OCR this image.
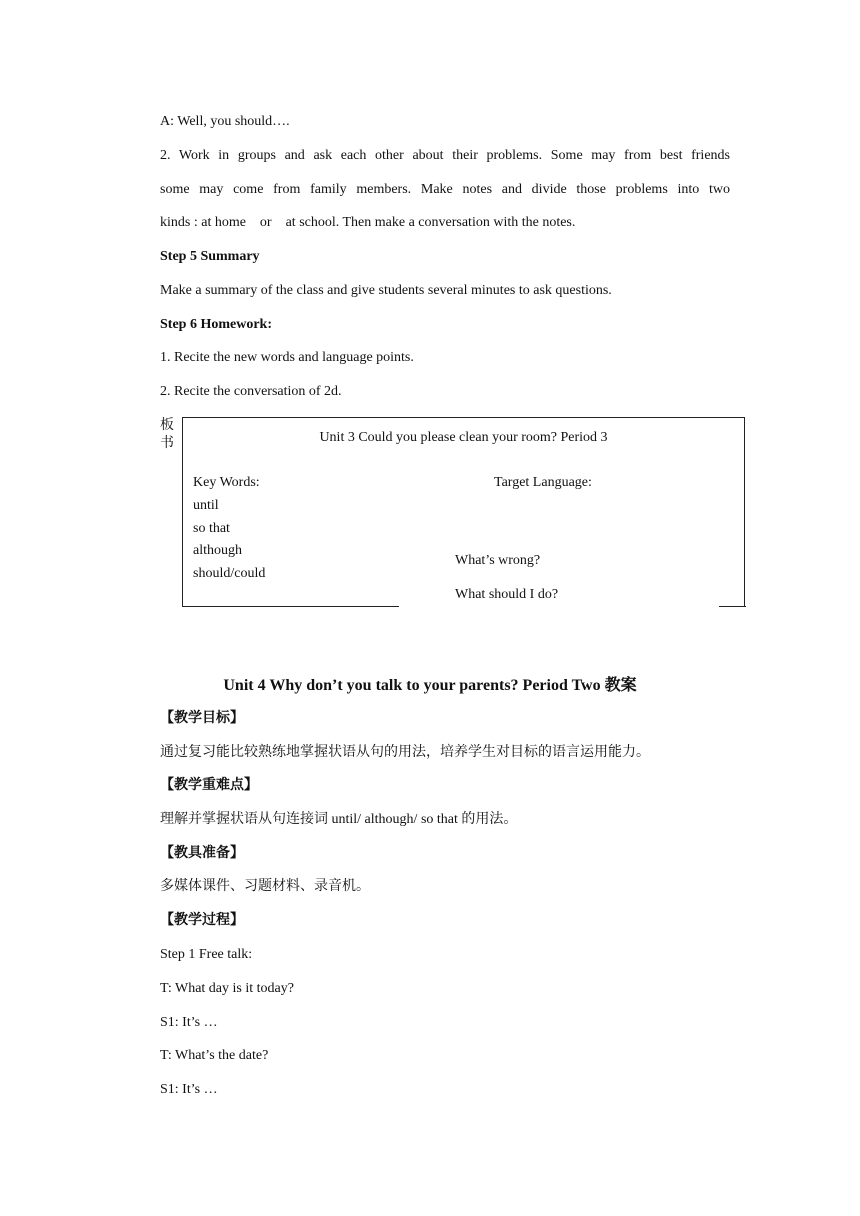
A: Well, you should….
2. Work in groups and ask each other about their problems. Some may from best friends
some may come from family members. Make notes and divide those problems into two
kinds : at home    or    at school. Then make a conversation with the notes.
Step 5 Summary
Make a summary of the class and give students several minutes to ask questions.
Step 6 Homework:
1. Recite the new words and language points.
2. Recite the conversation of 2d.
板书	Unit 3 Could you please clean your room? Period 3
Key Words:
until
so that
although
should/could
Target Language:
What’s wrong?
What should I do?
Unit 4 Why don’t you talk to your parents? Period Two 教案
【教学目标】
通过复习能比较熟练地掌握状语从句的用法，培养学生对目标的语言运用能力。
【教学重难点】
理解并掌握状语从句连接词 until/ although/ so that 的用法。
【教具准备】
多媒体课件、习题材料、录音机。
【教学过程】
Step 1 Free talk:
T: What day is it today?
S1: It’s …
T: What’s the date?
S1: It’s …
